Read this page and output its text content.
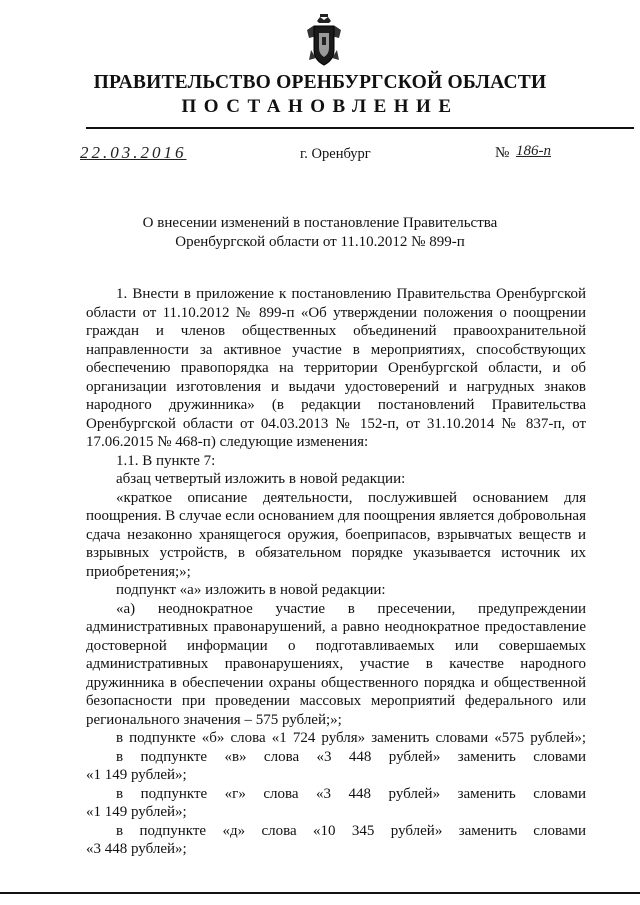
ПРАВИТЕЛЬСТВО ОРЕНБУРГСКОЙ ОБЛАСТИ
ПОСТАНОВЛЕНИЕ
22.03.2016	г. Оренбург	№ 186-п
О внесении изменений в постановление Правительства
Оренбургской области от 11.10.2012 № 899-п

1. Внести в приложение к постановлению Правительства Оренбургской

области от 11.10.2012 № 899-п «Об утверждении положения о поощрении

граждан и членов общественных объединений правоохранительной

направленности за активное участие в мероприятиях, способствующих

обеспечению правопорядка на территории Оренбургской области, и об

организации изготовления и выдачи удостоверений и нагрудных знаков

народного дружинника» (в редакции постановлений Правительства

Оренбургской области от 04.03.2013 № 152-п, от 31.10.2014 № 837-п, от

17.06.2015 № 468-п) следующие изменения:

1.1. В пункте 7:

абзац четвертый изложить в новой редакции:

«краткое описание деятельности, послужившей основанием для

поощрения. В случае если основанием для поощрения является добровольная

сдача незаконно хранящегося оружия, боеприпасов, взрывчатых веществ и

взрывных устройств, в обязательном порядке указывается источник их

приобретения;»;

подпункт «а» изложить в новой редакции:

«а) неоднократное участие в пресечении, предупреждении

административных правонарушений, а равно неоднократное предоставление

достоверной информации о подготавливаемых или совершаемых

административных правонарушениях, участие в качестве народного

дружинника в обеспечении охраны общественного порядка и общественной

безопасности при проведении массовых мероприятий федерального или

регионального значения – 575 рублей;»;

в подпункте «б» слова «1 724 рубля» заменить словами «575 рублей»;

в подпункте «в» слова «3 448 рублей» заменить словами

«1 149 рублей»;

в подпункте «г» слова «3 448 рублей» заменить словами

«1 149 рублей»;

в подпункте «д» слова «10 345 рублей» заменить словами

«3 448 рублей»;
